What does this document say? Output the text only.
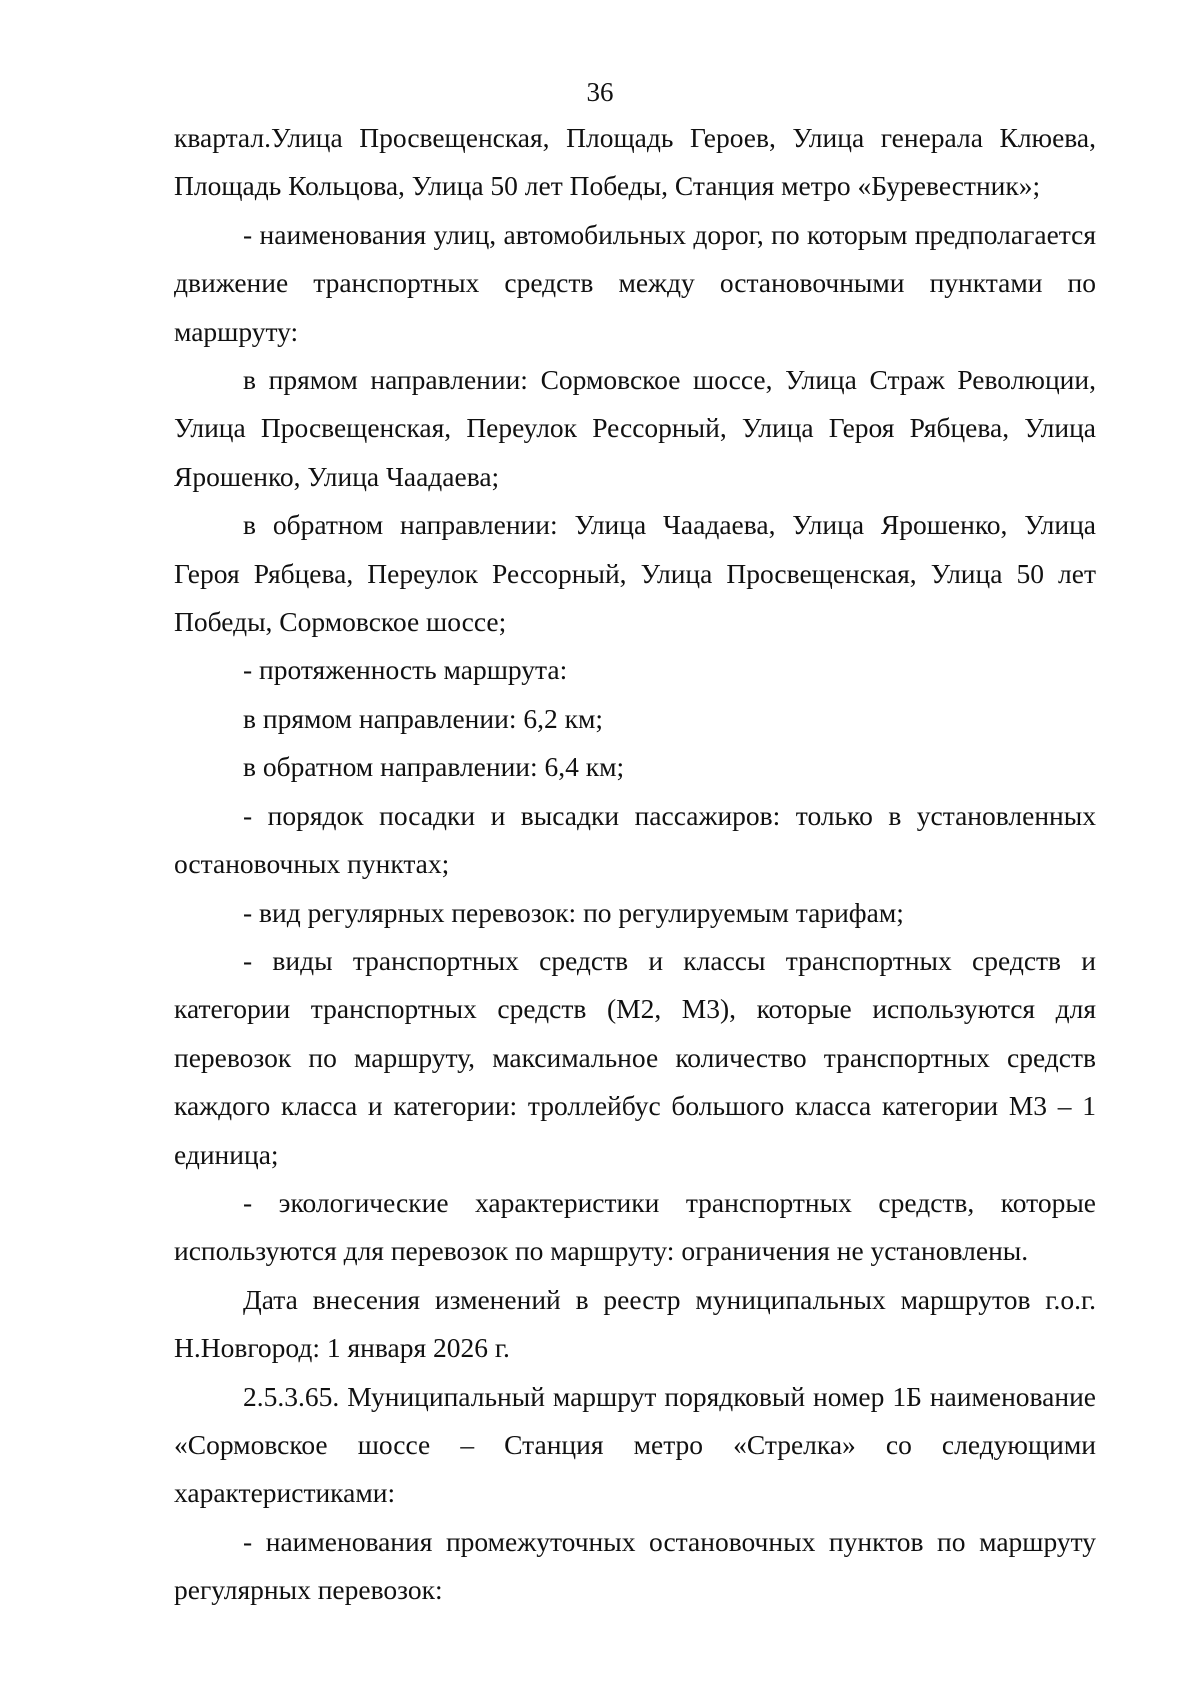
36

квартал.Улица Просвещенская, Площадь Героев, Улица генерала Клюева, Площадь Кольцова, Улица 50 лет Победы, Станция метро «Буревестник»;

- наименования улиц, автомобильных дорог, по которым предполагается движение транспортных средств между остановочными пунктами по маршруту:

в прямом направлении: Сормовское шоссе, Улица Страж Революции, Улица Просвещенская, Переулок Рессорный, Улица Героя Рябцева, Улица Ярошенко, Улица Чаадаева;

в обратном направлении: Улица Чаадаева, Улица Ярошенко, Улица Героя Рябцева, Переулок Рессорный, Улица Просвещенская, Улица 50 лет Победы, Сормовское шоссе;

- протяженность маршрута:

в прямом направлении: 6,2 км;

в обратном направлении: 6,4 км;

- порядок посадки и высадки пассажиров: только в установленных остановочных пунктах;

- вид регулярных перевозок: по регулируемым тарифам;

- виды транспортных средств и классы транспортных средств и категории транспортных средств (М2, М3), которые используются для перевозок по маршруту, максимальное количество транспортных средств каждого класса и категории: троллейбус большого класса категории М3 – 1 единица;

- экологические характеристики транспортных средств, которые используются для перевозок по маршруту: ограничения не установлены.

Дата внесения изменений в реестр муниципальных маршрутов г.о.г. Н.Новгород: 1 января 2026 г.

2.5.3.65. Муниципальный маршрут порядковый номер 1Б наименование «Сормовское шоссе – Станция метро «Стрелка» со следующими характеристиками:

- наименования промежуточных остановочных пунктов по маршруту регулярных перевозок:
